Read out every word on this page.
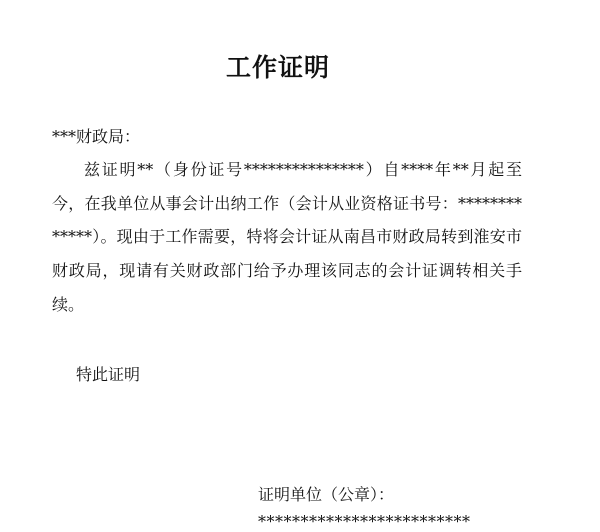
工作证明
***财政局：
兹证明**（身份证号***************）自****年**月起至今，在我单位从事会计出纳工作（会计从业资格证书号：*************）。现由于工作需要，特将会计证从南昌市财政局转到淮安市财政局，现请有关财政部门给予办理该同志的会计证调转相关手续。
特此证明
证明单位（公章）：
*************************
